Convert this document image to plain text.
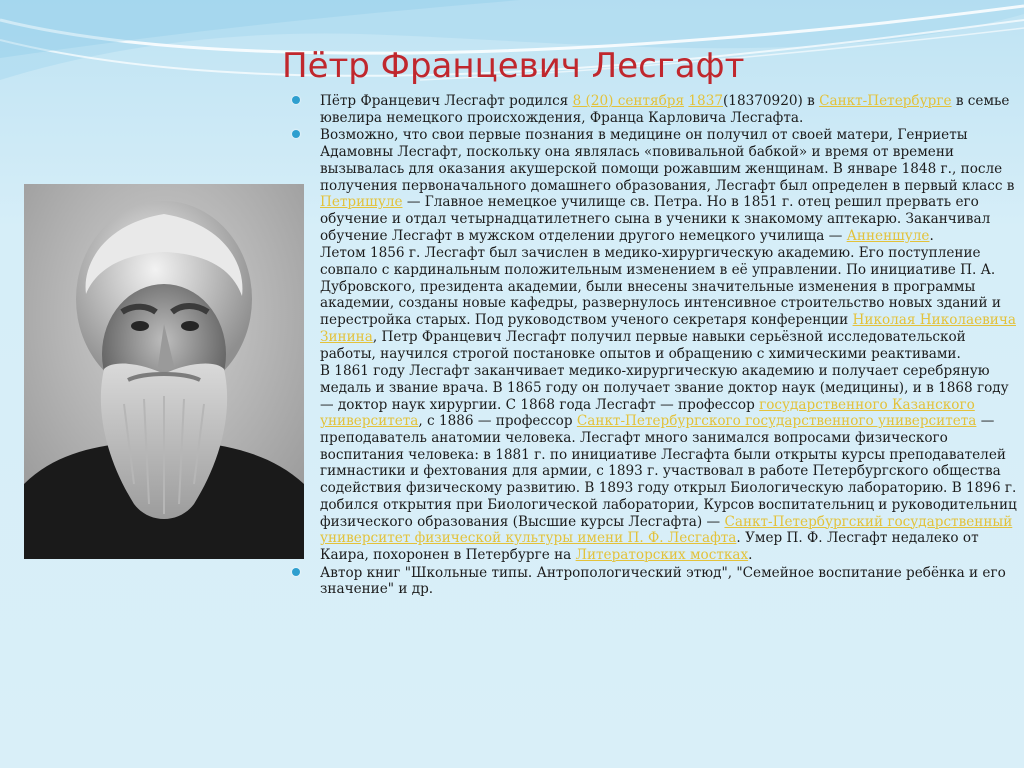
Пётр Францевич Лесгафт
Пётр Францевич Лесгафт родился 8 (20) сентября 1837(18370920) в Санкт-Петербурге в семье ювелира немецкого происхождения, Франца Карловича Лесгафта.
Возможно, что свои первые познания в медицине он получил от своей матери, Генриеты Адамовны Лесгафт, поскольку она являлась «повивальной бабкой» и время от времени вызывалась для оказания акушерской помощи рожавшим женщинам. В январе 1848 г., после получения первоначального домашнего образования, Лесгафт был определен в первый класс в Петришуле — Главное немецкое училище св. Петра. Но в 1851 г. отец решил прервать его обучение и отдал четырнадцатилетнего сына в ученики к знакомому аптекарю. Заканчивал обучение Лесгафт в мужском отделении другого немецкого училища — Анненшуле.
Летом 1856 г. Лесгафт был зачислен в медико-хирургическую академию. Его поступление совпало с кардинальным положительным изменением в её управлении. По инициативе П. А. Дубровского, президента академии, были внесены значительные изменения в программы академии, созданы новые кафедры, развернулось интенсивное строительство новых зданий и перестройка старых. Под руководством ученого секретаря конференции Николая Николаевича Зинина, Петр Францевич Лесгафт получил первые навыки серьёзной исследовательской работы, научился строгой постановке опытов и обращению с химическими реактивами.
В 1861 году Лесгафт заканчивает медико-хирургическую академию и получает серебряную медаль и звание врача. В 1865 году он получает звание доктор наук (медицины), и в 1868 году — доктор наук хирургии. С 1868 года Лесгафт — профессор государственного Казанского университета, с 1886 — профессор Санкт-Петербургского государственного университета — преподаватель анатомии человека. Лесгафт много занимался вопросами физического воспитания человека: в 1881 г. по инициативе Лесгафта были открыты курсы преподавателей гимнастики и фехтования для армии, с 1893 г. участвовал в работе Петербургского общества содействия физическому развитию. В 1893 году открыл Биологическую лабораторию. В 1896 г. добился открытия при Биологической лаборатории, Курсов воспитательниц и руководительниц физического образования (Высшие курсы Лесгафта) — Санкт-Петербургский государственный университет физической культуры имени П. Ф. Лесгафта. Умер П. Ф. Лесгафт недалеко от Каира, похоронен в Петербурге на Литераторских мостках.
Автор книг "Школьные типы. Антропологический этюд", "Семейное воспитание ребёнка и его значение" и др.
